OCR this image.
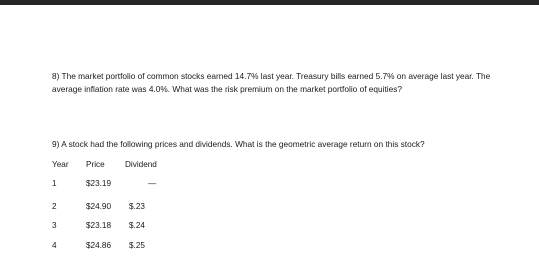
8) The market portfolio of common stocks earned 14.7% last year. Treasury bills earned 5.7% on average last year. The average inflation rate was 4.0%. What was the risk premium on the market portfolio of equities?
9) A stock had the following prices and dividends. What is the geometric average return on this stock?
Year Price Dividend
1	$23.19	—
2	$24.90 $.23
3	$23.18 $.24
4	$24.86 $.25
